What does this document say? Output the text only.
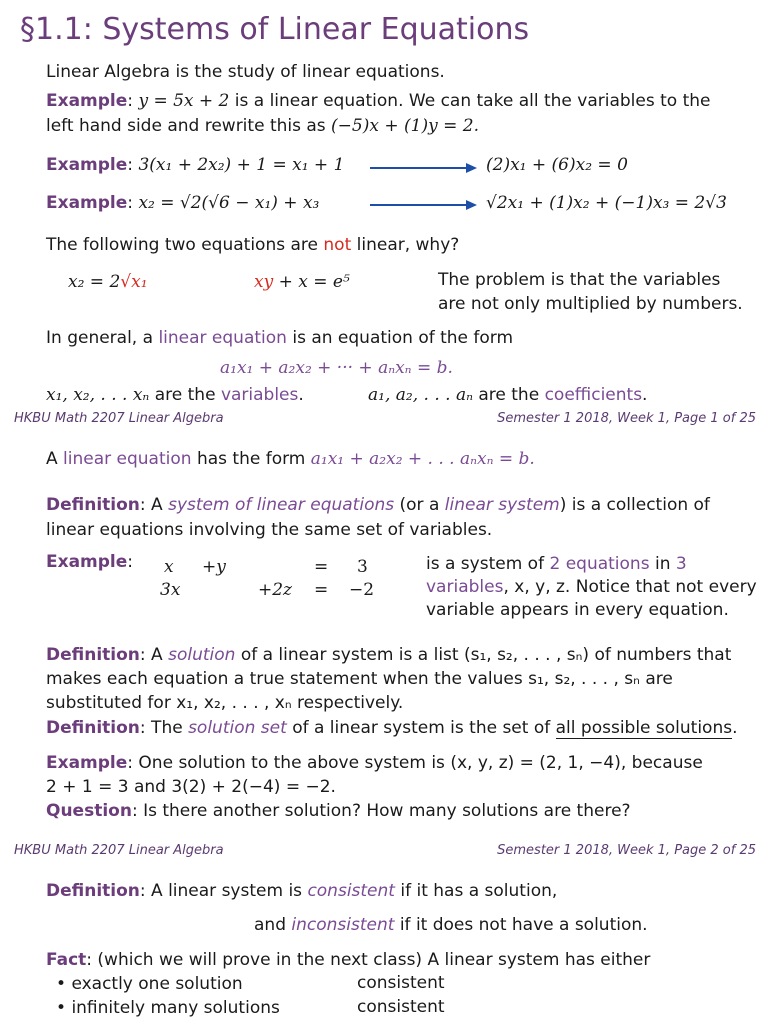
§1.1: Systems of Linear Equations
Linear Algebra is the study of linear equations.
Example: y = 5x + 2 is a linear equation. We can take all the variables to the
left hand side and rewrite this as (−5)x + (1)y = 2.
Example: 3(x₁ + 2x₂) + 1 = x₁ + 1	(2)x₁ + (6)x₂ = 0
Example: x₂ = √2(√6 − x₁) + x₃	√2x₁ + (1)x₂ + (−1)x₃ = 2√3
The following two equations are not linear, why?
x₂ = 2√x₁	xy + x = e⁵	The problem is that the variables
are not only multiplied by numbers.
In general, a linear equation is an equation of the form
a₁x₁ + a₂x₂ + ··· + aₙxₙ = b.
x₁, x₂, . . . xₙ are the variables.	a₁, a₂, . . . aₙ are the coefficients.
HKBU Math 2207 Linear Algebra	Semester 1 2018, Week 1, Page 1 of 25
A linear equation has the form a₁x₁ + a₂x₂ + . . . aₙxₙ = b.
Definition: A system of linear equations (or a linear system) is a collection of
linear equations involving the same set of variables.
Example: x +y	= 3
3x	+2z = −2
is a system of 2 equations in 3
variables, x, y, z. Notice that not every
variable appears in every equation.
Definition: A solution of a linear system is a list (s₁, s₂, . . . , sₙ) of numbers that
makes each equation a true statement when the values s₁, s₂, . . . , sₙ are
substituted for x₁, x₂, . . . , xₙ respectively.
Definition: The solution set of a linear system is the set of all possible solutions.
Example: One solution to the above system is (x, y, z) = (2, 1, −4), because
2 + 1 = 3 and 3(2) + 2(−4) = −2.
Question: Is there another solution? How many solutions are there?
HKBU Math 2207 Linear Algebra	Semester 1 2018, Week 1, Page 2 of 25
Definition: A linear system is consistent if it has a solution,
and inconsistent if it does not have a solution.
Fact: (which we will prove in the next class) A linear system has either
• exactly one solution	consistent
• infinitely many solutions	consistent
